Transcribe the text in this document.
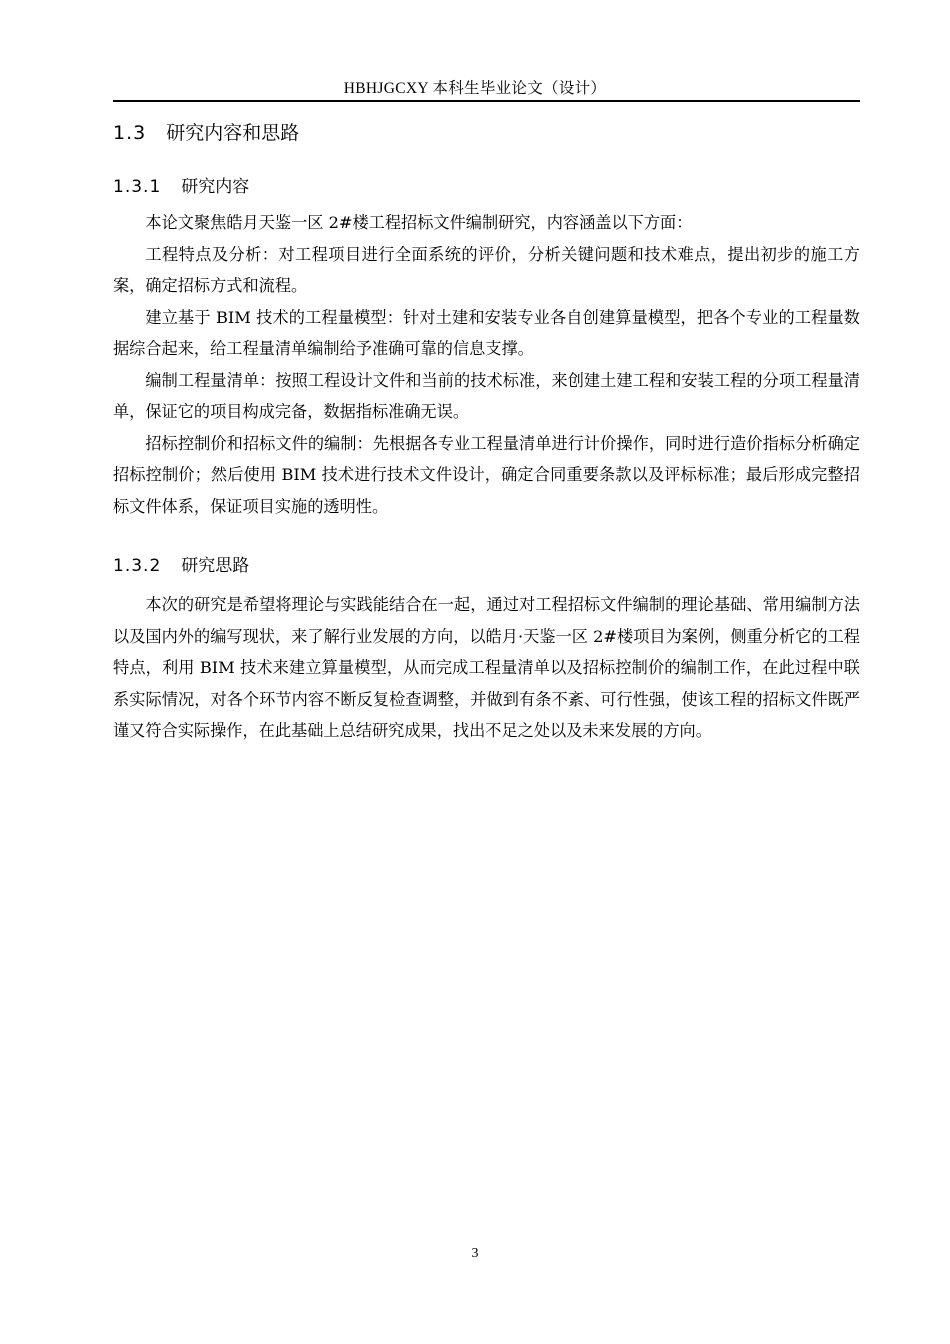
HBHJGCXY 本科生毕业论文（设计）
1.3 研究内容和思路
1.3.1 研究内容

本论文聚焦皓月天鉴一区 2#楼工程招标文件编制研究，内容涵盖以下方面：

工程特点及分析：对工程项目进行全面系统的评价，分析关键问题和技术难点，提出初步的施工方案，确定招标方式和流程。

建立基于 BIM 技术的工程量模型：针对土建和安装专业各自创建算量模型，把各个专业的工程量数据综合起来，给工程量清单编制给予准确可靠的信息支撑。

编制工程量清单：按照工程设计文件和当前的技术标准，来创建土建工程和安装工程的分项工程量清单，保证它的项目构成完备，数据指标准确无误。

招标控制价和招标文件的编制：先根据各专业工程量清单进行计价操作，同时进行造价指标分析确定招标控制价；然后使用 BIM 技术进行技术文件设计，确定合同重要条款以及评标标准；最后形成完整招标文件体系，保证项目实施的透明性。

1.3.2 研究思路

本次的研究是希望将理论与实践能结合在一起，通过对工程招标文件编制的理论基础、常用编制方法以及国内外的编写现状，来了解行业发展的方向，以皓月·天鉴一区 2#楼项目为案例，侧重分析它的工程特点，利用 BIM 技术来建立算量模型，从而完成工程量清单以及招标控制价的编制工作，在此过程中联系实际情况，对各个环节内容不断反复检查调整，并做到有条不紊、可行性强，使该工程的招标文件既严谨又符合实际操作，在此基础上总结研究成果，找出不足之处以及未来发展的方向。

3
